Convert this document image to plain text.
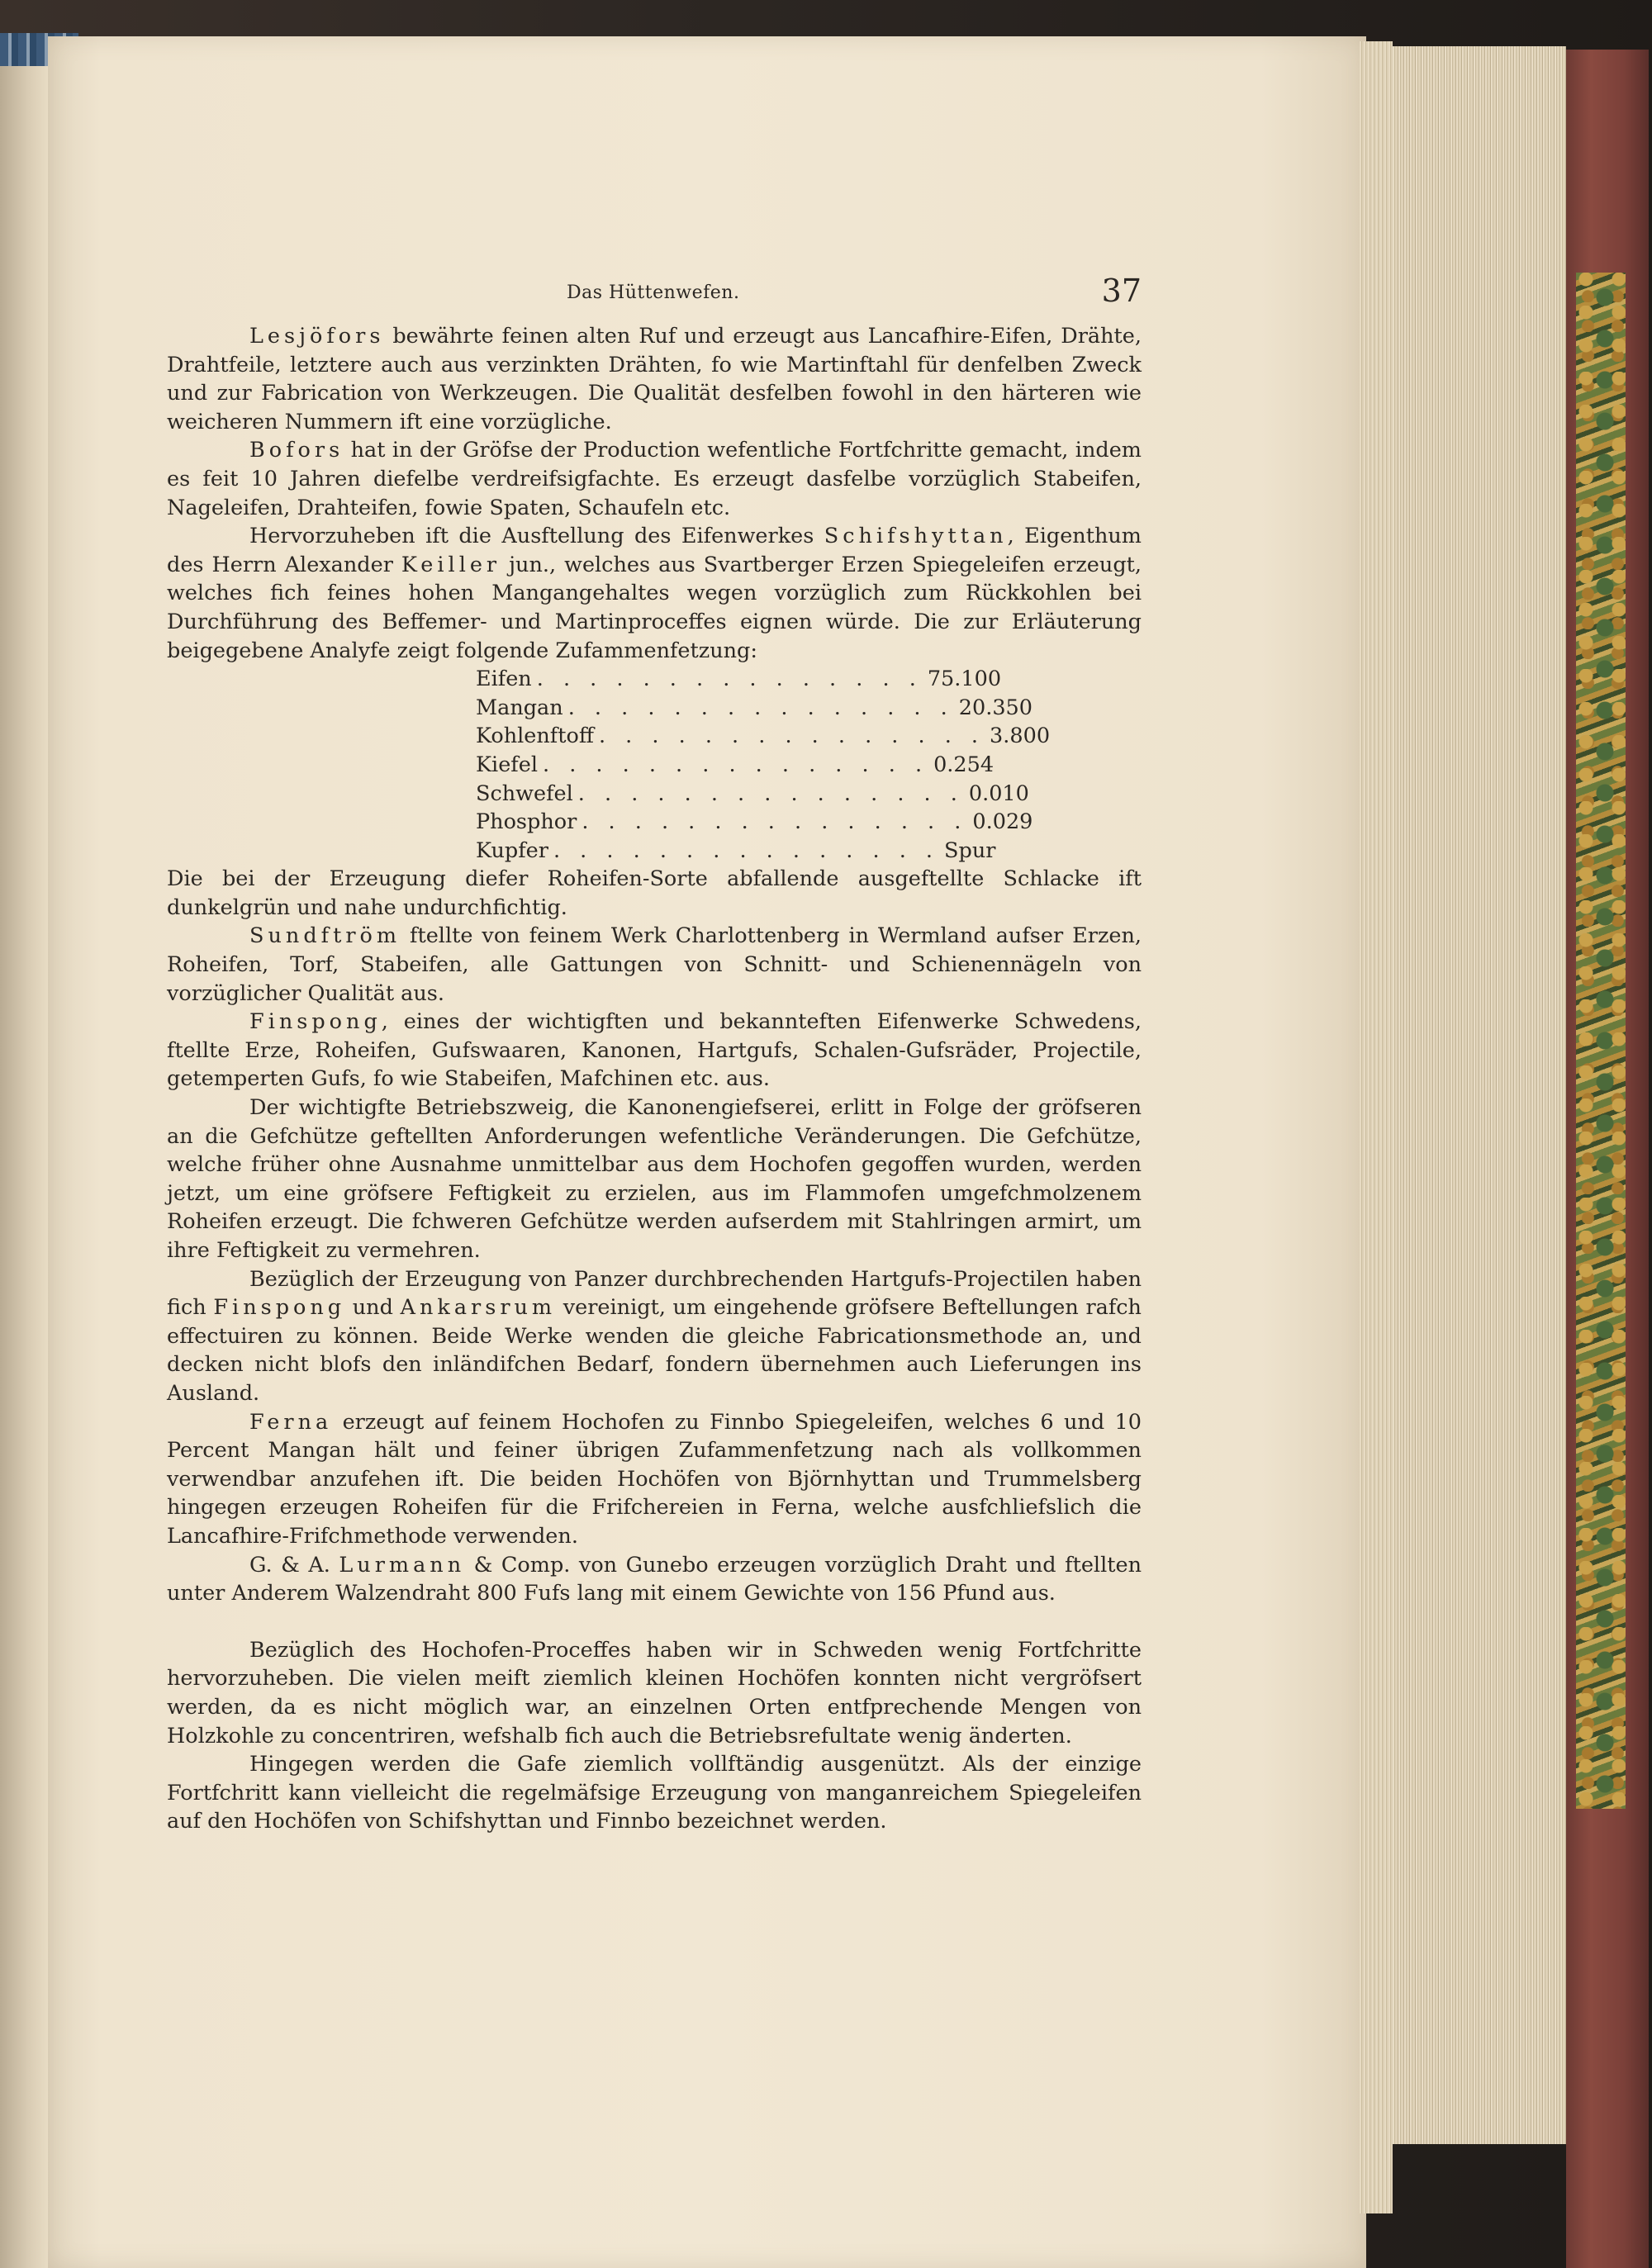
Das Hüttenwefen.	37

Lesjöfors bewährte feinen alten Ruf und erzeugt aus Lancafhire-Eifen, Drähte, Drahtfeile, letztere auch aus verzinkten Drähten, fo wie Martinftahl für denfelben Zweck und zur Fabrication von Werkzeugen. Die Qualität desfelben fowohl in den härteren wie weicheren Nummern ift eine vorzügliche.

Bofors hat in der Gröfse der Production wefentliche Fortfchritte gemacht, indem es feit 10 Jahren diefelbe verdreifsigfachte. Es erzeugt dasfelbe vorzüglich Stabeifen, Nageleifen, Drahteifen, fowie Spaten, Schaufeln etc.

Hervorzuheben ift die Ausftellung des Eifenwerkes Schifshyttan, Eigenthum des Herrn Alexander Keiller jun., welches aus Svartberger Erzen Spiegeleifen erzeugt, welches fich feines hohen Mangangehaltes wegen vorzüglich zum Rückkohlen bei Durchführung des Beffemer- und Martinproceffes eignen würde. Die zur Erläuterung beigegebene Analyfe zeigt folgende Zufammenfetzung:

Eifen . . . . . . . . . . . . . . . 75.100
Mangan . . . . . . . . . . . . . . . 20.350
Kohlenftoff . . . . . . . . . . . . . . . 3.800
Kiefel . . . . . . . . . . . . . . . 0.254
Schwefel . . . . . . . . . . . . . . . 0.010
Phosphor . . . . . . . . . . . . . . . 0.029
Kupfer . . . . . . . . . . . . . . . Spur

Die bei der Erzeugung diefer Roheifen-Sorte abfallende ausgeftellte Schlacke ift dunkelgrün und nahe undurchfichtig.

Sundftröm ftellte von feinem Werk Charlottenberg in Wermland aufser Erzen, Roheifen, Torf, Stabeifen, alle Gattungen von Schnitt- und Schienennägeln von vorzüglicher Qualität aus.

Finspong, eines der wichtigften und bekannteften Eifenwerke Schwedens, ftellte Erze, Roheifen, Gufswaaren, Kanonen, Hartgufs, Schalen-Gufsräder, Projectile, getemperten Gufs, fo wie Stabeifen, Mafchinen etc. aus.

Der wichtigfte Betriebszweig, die Kanonengiefserei, erlitt in Folge der gröfseren an die Gefchütze geftellten Anforderungen wefentliche Veränderungen. Die Gefchütze, welche früher ohne Ausnahme unmittelbar aus dem Hochofen gegoffen wurden, werden jetzt, um eine gröfsere Feftigkeit zu erzielen, aus im Flammofen umgefchmolzenem Roheifen erzeugt. Die fchweren Gefchütze werden aufserdem mit Stahlringen armirt, um ihre Feftigkeit zu vermehren.

Bezüglich der Erzeugung von Panzer durchbrechenden Hartgufs-Projectilen haben fich Finspong und Ankarsrum vereinigt, um eingehende gröfsere Beftellungen rafch effectuiren zu können. Beide Werke wenden die gleiche Fabricationsmethode an, und decken nicht blofs den inländifchen Bedarf, fondern übernehmen auch Lieferungen ins Ausland.

Ferna erzeugt auf feinem Hochofen zu Finnbo Spiegeleifen, welches 6 und 10 Percent Mangan hält und feiner übrigen Zufammenfetzung nach als vollkommen verwendbar anzufehen ift. Die beiden Hochöfen von Björnhyttan und Trummelsberg hingegen erzeugen Roheifen für die Frifchereien in Ferna, welche ausfchliefslich die Lancafhire-Frifchmethode verwenden.

G. & A. Lurmann & Comp. von Gunebo erzeugen vorzüglich Draht und ftellten unter Anderem Walzendraht 800 Fufs lang mit einem Gewichte von 156 Pfund aus.

Bezüglich des Hochofen-Proceffes haben wir in Schweden wenig Fortfchritte hervorzuheben. Die vielen meift ziemlich kleinen Hochöfen konnten nicht vergröfsert werden, da es nicht möglich war, an einzelnen Orten entfprechende Mengen von Holzkohle zu concentriren, wefshalb fich auch die Betriebsrefultate wenig änderten.

Hingegen werden die Gafe ziemlich vollftändig ausgenützt. Als der einzige Fortfchritt kann vielleicht die regelmäfsige Erzeugung von manganreichem Spiegeleifen auf den Hochöfen von Schifshyttan und Finnbo bezeichnet werden.
